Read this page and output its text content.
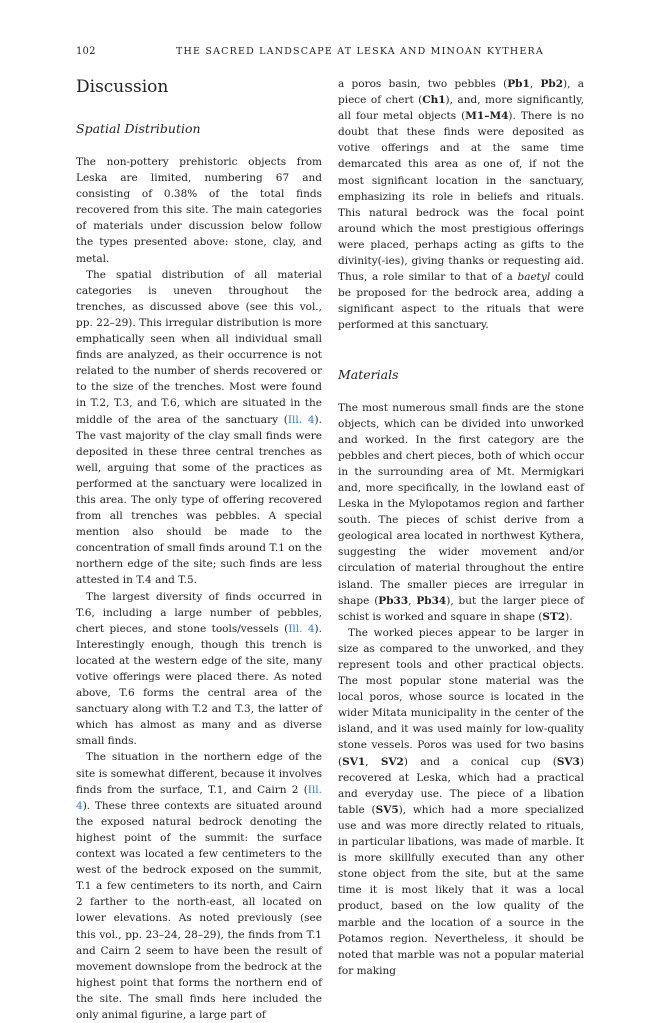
102	THE SACRED LANDSCAPE AT LESKA AND MINOAN KYTHERA
Discussion
Spatial Distribution

The non-pottery prehistoric objects from Leska are limited, numbering 67 and consisting of 0.38% of the total finds recovered from this site. The main categories of materials under discussion below follow the types presented above: stone, clay, and metal.

The spatial distribution of all material categories is uneven throughout the trenches, as discussed above (see this vol., pp. 22–29). This irregular distribution is more emphatically seen when all individual small finds are analyzed, as their occurrence is not related to the number of sherds recovered or to the size of the trenches. Most were found in T.2, T.3, and T.6, which are situated in the middle of the area of the sanctuary (Ill. 4). The vast majority of the clay small finds were deposited in these three central trenches as well, arguing that some of the practices as performed at the sanctuary were localized in this area. The only type of offering recovered from all trenches was pebbles. A special mention also should be made to the concentration of small finds around T.1 on the northern edge of the site; such finds are less attested in T.4 and T.5.

The largest diversity of finds occurred in T.6, including a large number of pebbles, chert pieces, and stone tools/vessels (Ill. 4). Interestingly enough, though this trench is located at the western edge of the site, many votive offerings were placed there. As noted above, T.6 forms the central area of the sanctuary along with T.2 and T.3, the latter of which has almost as many and as diverse small finds.

The situation in the northern edge of the site is somewhat different, because it involves finds from the surface, T.1, and Cairn 2 (Ill. 4). These three contexts are situated around the exposed natural bedrock denoting the highest point of the summit: the surface context was located a few centimeters to the west of the bedrock exposed on the summit, T.1 a few centimeters to its north, and Cairn 2 farther to the north-east, all located on lower elevations. As noted previously (see this vol., pp. 23–24, 28–29), the finds from T.1 and Cairn 2 seem to have been the result of movement downslope from the bedrock at the highest point that forms the northern end of the site. The small finds here included the only animal figurine, a large part of

a poros basin, two pebbles (Pb1, Pb2), a piece of chert (Ch1), and, more significantly, all four metal objects (M1–M4). There is no doubt that these finds were deposited as votive offerings and at the same time demarcated this area as one of, if not the most significant location in the sanctuary, emphasizing its role in beliefs and rituals. This natural bedrock was the focal point around which the most prestigious offerings were placed, perhaps acting as gifts to the divinity(-ies), giving thanks or requesting aid. Thus, a role similar to that of a baetyl could be proposed for the bedrock area, adding a significant aspect to the rituals that were performed at this sanctuary.

Materials

The most numerous small finds are the stone objects, which can be divided into unworked and worked. In the first category are the pebbles and chert pieces, both of which occur in the surrounding area of Mt. Mermigkari and, more specifically, in the lowland east of Leska in the Mylopotamos region and farther south. The pieces of schist derive from a geological area located in northwest Kythera, suggesting the wider movement and/or circulation of material throughout the entire island. The smaller pieces are irregular in shape (Pb33, Pb34), but the larger piece of schist is worked and square in shape (ST2).

The worked pieces appear to be larger in size as compared to the unworked, and they represent tools and other practical objects. The most popular stone material was the local poros, whose source is located in the wider Mitata municipality in the center of the island, and it was used mainly for low-quality stone vessels. Poros was used for two basins (SV1, SV2) and a conical cup (SV3) recovered at Leska, which had a practical and everyday use. The piece of a libation table (SV5), which had a more specialized use and was more directly related to rituals, in particular libations, was made of marble. It is more skillfully executed than any other stone object from the site, but at the same time it is most likely that it was a local product, based on the low quality of the marble and the location of a source in the Potamos region. Nevertheless, it should be noted that marble was not a popular material for making
